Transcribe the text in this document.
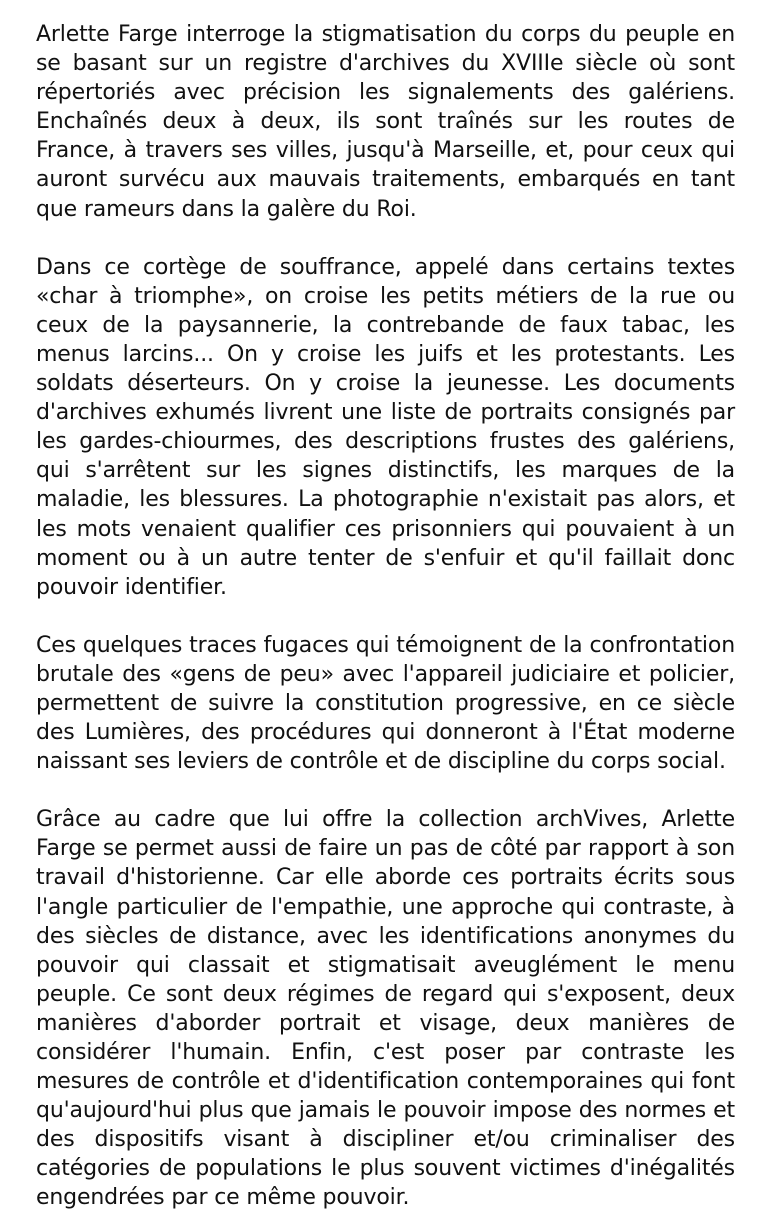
Arlette Farge interroge la stigmatisation du corps du peuple en se basant sur un registre d'archives du XVIIIe siècle où sont répertoriés avec précision les signalements des galériens. Enchaînés deux à deux, ils sont traînés sur les routes de France, à travers ses villes, jusqu'à Marseille, et, pour ceux qui auront survécu aux mauvais traitements, embarqués en tant que rameurs dans la galère du Roi.

Dans ce cortège de souffrance, appelé dans certains textes «char à triomphe», on croise les petits métiers de la rue ou ceux de la paysannerie, la contrebande de faux tabac, les menus larcins... On y croise les juifs et les protestants. Les soldats déserteurs. On y croise la jeunesse. Les documents d'archives exhumés livrent une liste de portraits consignés par les gardes-chiourmes, des descriptions frustes des galériens, qui s'arrêtent sur les signes distinctifs, les marques de la maladie, les blessures. La photographie n'existait pas alors, et les mots venaient qualifier ces prisonniers qui pouvaient à un moment ou à un autre tenter de s'enfuir et qu'il faillait donc pouvoir identifier.

Ces quelques traces fugaces qui témoignent de la confrontation brutale des «gens de peu» avec l'appareil judiciaire et policier, permettent de suivre la constitution progressive, en ce siècle des Lumières, des procédures qui donneront à l'État moderne naissant ses leviers de contrôle et de discipline du corps social.

Grâce au cadre que lui offre la collection archVives, Arlette Farge se permet aussi de faire un pas de côté par rapport à son travail d'historienne. Car elle aborde ces portraits écrits sous l'angle particulier de l'empathie, une approche qui contraste, à des siècles de distance, avec les identifications anonymes du pouvoir qui classait et stigmatisait aveuglément le menu peuple. Ce sont deux régimes de regard qui s'exposent, deux manières d'aborder portrait et visage, deux manières de considérer l'humain. Enfin, c'est poser par contraste les mesures de contrôle et d'identification contemporaines qui font qu'aujourd'hui plus que jamais le pouvoir impose des normes et des dispositifs visant à discipliner et/ou criminaliser des catégories de populations le plus souvent victimes d'inégalités engendrées par ce même pouvoir.
